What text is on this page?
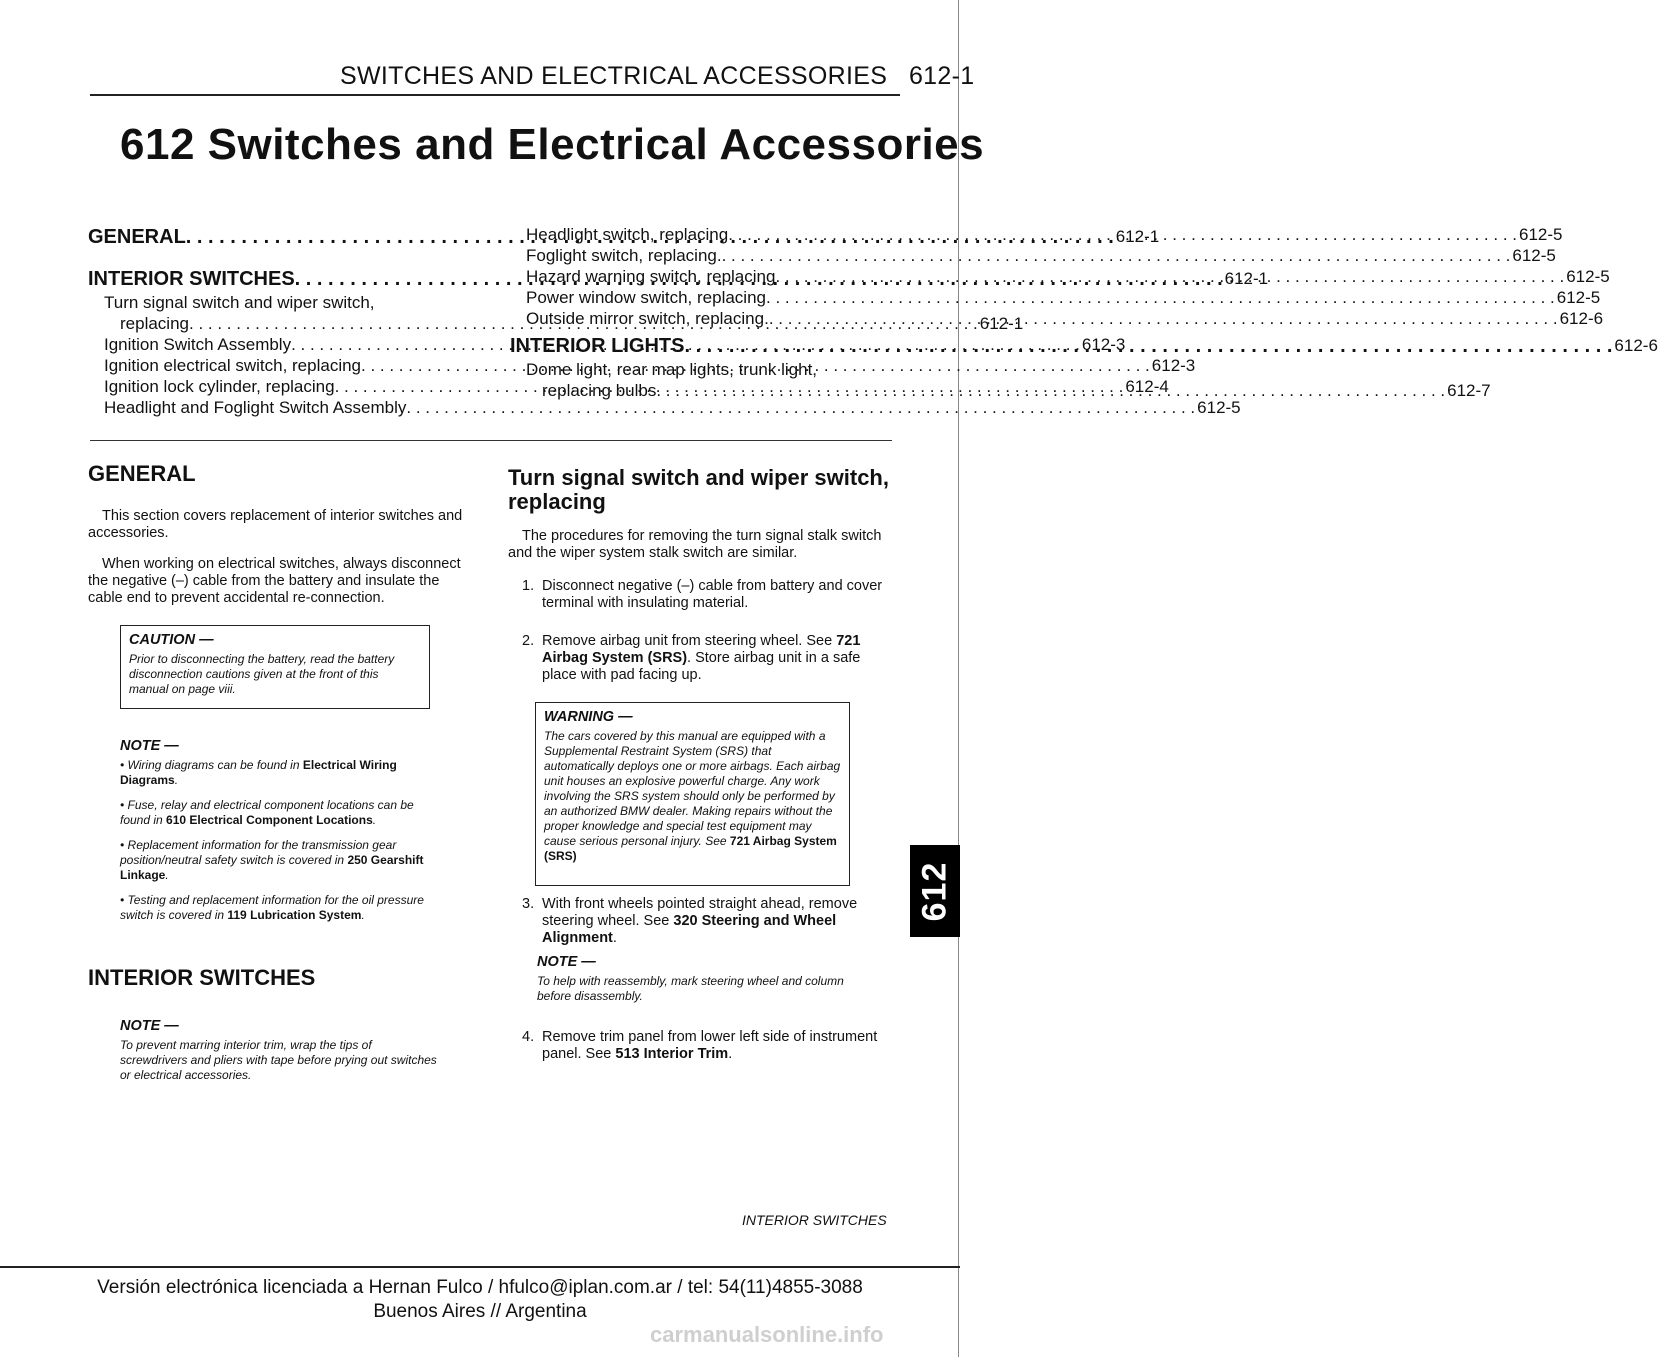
SWITCHES AND ELECTRICAL ACCESSORIES 612-1
612 Switches and Electrical Accessories
GENERAL . . .	612-1
INTERIOR SWITCHES . . .	612-1
Turn signal switch and wiper switch,
replacing . . .	612-1
Ignition Switch Assembly . . .	612-3
Ignition electrical switch, replacing . . .	612-3
Ignition lock cylinder, replacing . . .	612-4
Headlight and Foglight Switch Assembly . . .	612-5
Headlight switch, replacing . . .	612-5
Foglight switch, replacing. . . .	612-5
Hazard warning switch, replacing . . .	612-5
Power window switch, replacing . . .	612-5
Outside mirror switch, replacing. . . .	612-6
INTERIOR LIGHTS . . .	612-6
Dome light, rear map lights, trunk light,
replacing bulbs . . .	612-7
GENERAL

This section covers replacement of interior switches and accessories.

When working on electrical switches, always disconnect the negative (–) cable from the battery and insulate the cable end to prevent accidental re-connection.

CAUTION —
Prior to disconnecting the battery, read the battery disconnection cautions given at the front of this manual on page viii.
NOTE —
• Wiring diagrams can be found in Electrical Wiring Diagrams.
• Fuse, relay and electrical component locations can be found in 610 Electrical Component Locations.
• Replacement information for the transmission gear position/neutral safety switch is covered in 250 Gearshift Linkage.
• Testing and replacement information for the oil pressure switch is covered in 119 Lubrication System.
INTERIOR SWITCHES
NOTE —
To prevent marring interior trim, wrap the tips of screwdrivers and pliers with tape before prying out switches or electrical accessories.
Turn signal switch and wiper switch,
replacing
The procedures for removing the turn signal stalk switch and the wiper system stalk switch are similar.
1. Disconnect negative (–) cable from battery and cover terminal with insulating material.
2. Remove airbag unit from steering wheel. See 721 Airbag System (SRS). Store airbag unit in a safe place with pad facing up.
WARNING —
The cars covered by this manual are equipped with a Supplemental Restraint System (SRS) that automatically deploys one or more airbags. Each airbag unit houses an explosive powerful charge. Any work involving the SRS system should only be performed by an authorized BMW dealer. Making repairs without the proper knowledge and special test equipment may cause serious personal injury. See 721 Airbag System (SRS)
3. With front wheels pointed straight ahead, remove steering wheel. See 320 Steering and Wheel Alignment.
NOTE —
To help with reassembly, mark steering wheel and column before disassembly.
4. Remove trim panel from lower left side of instrument panel. See 513 Interior Trim.
612
INTERIOR SWITCHES
Versión electrónica licenciada a Hernan Fulco / hfulco@iplan.com.ar / tel: 54(11)4855-3088
Buenos Aires // Argentina
carmanualsonline.info
